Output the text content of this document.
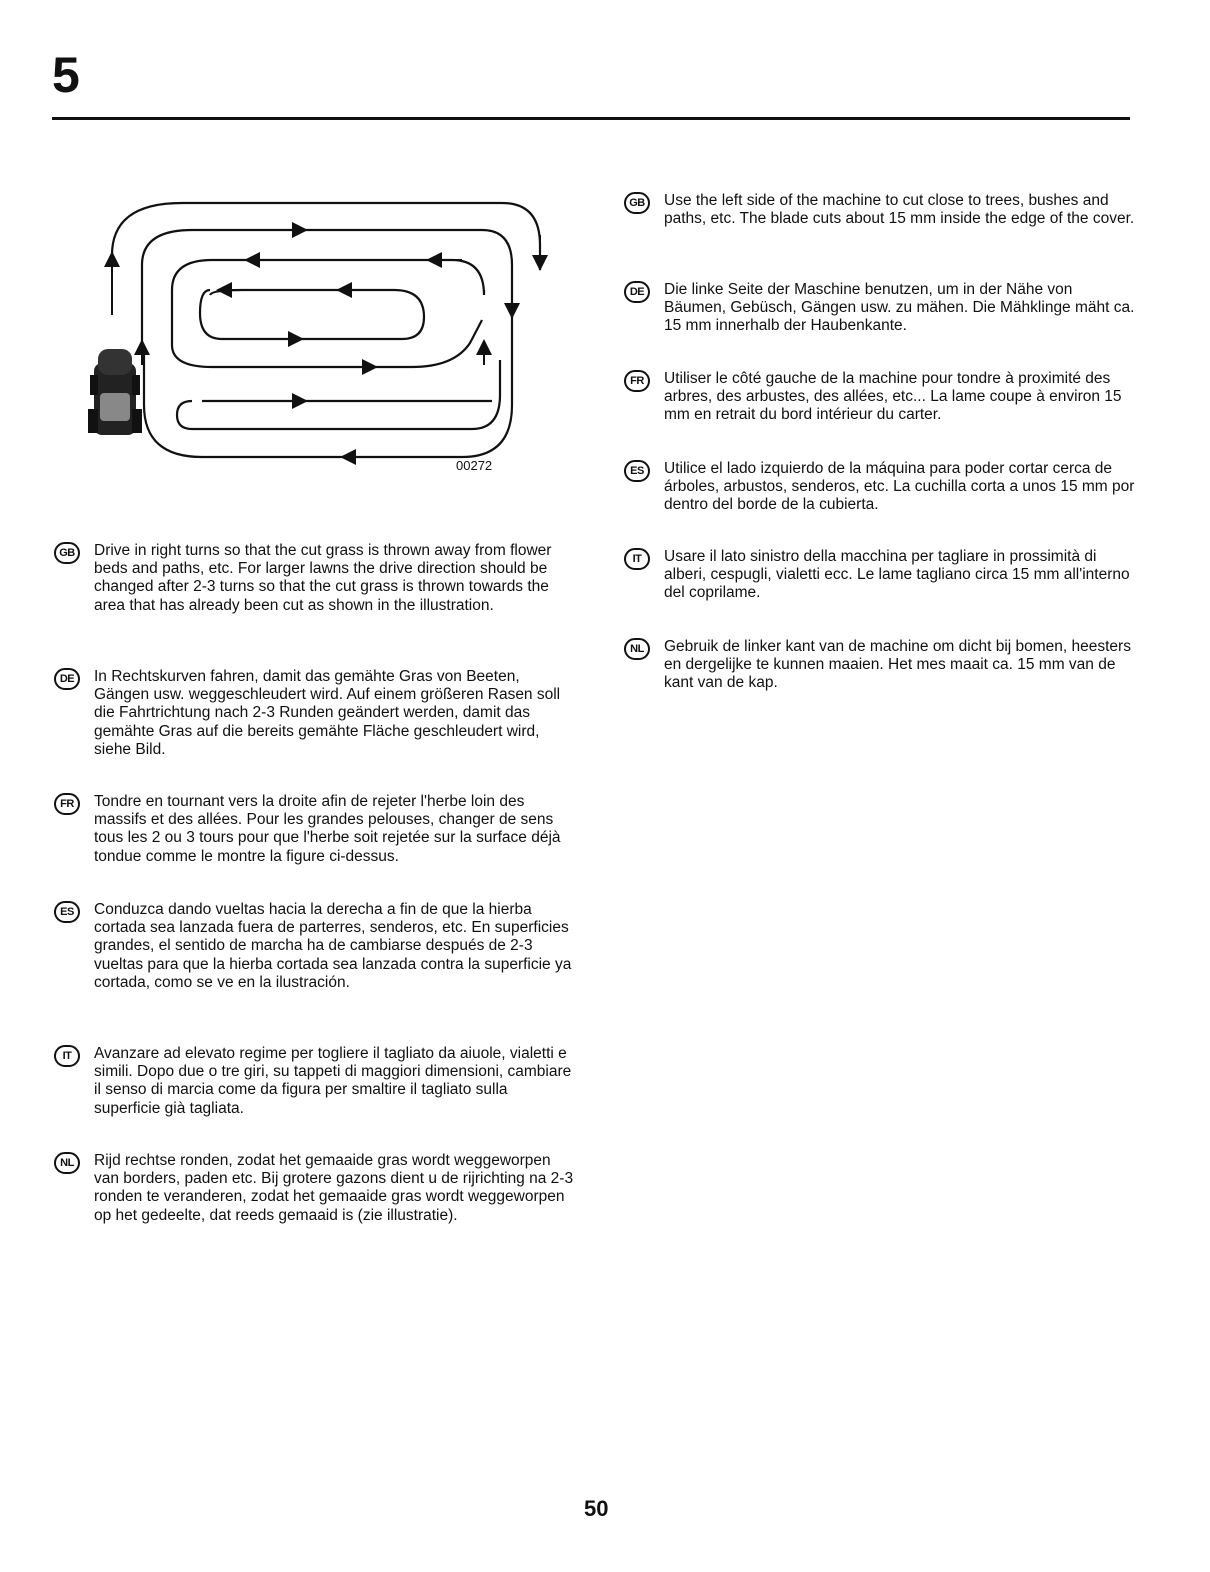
5
00272
GB	Drive in right turns so that the cut grass is thrown away from flower beds and paths, etc. For larger lawns the drive direction should be changed after 2-3 turns so that the cut grass is thrown towards the area that has already been cut as shown in the illustration.

DE	In Rechtskurven fahren, damit das gemähte Gras von Beeten, Gängen usw. weggeschleudert wird. Auf einem größeren Rasen soll die Fahrtrichtung nach 2-3 Runden geändert werden, damit das gemähte Gras auf die bereits gemähte Fläche geschleudert wird, siehe Bild.

FR	Tondre en tournant vers la droite afin de rejeter l'herbe loin des massifs et des allées. Pour les grandes pelouses, changer de sens tous les 2 ou 3 tours pour que l'herbe soit rejetée sur la surface déjà tondue comme le montre la figure ci-dessus.

ES	Conduzca dando vueltas hacia la derecha a fin de que la hierba cortada sea lanzada fuera de parterres, senderos, etc. En superficies grandes, el sentido de marcha ha de cambiarse después de 2-3 vueltas para que la hierba cortada sea lanzada contra la superficie ya cortada, como se ve en la ilustración.

IT	Avanzare ad elevato regime per togliere il tagliato da aiuole, vialetti e simili. Dopo due o tre giri, su tappeti di maggiori dimensioni, cambiare il senso di marcia come da figura per smaltire il tagliato sulla superficie già tagliata.

NL	Rijd rechtse ronden, zodat het gemaaide gras wordt weggeworpen van borders, paden etc. Bij grotere gazons dient u de rijrichting na 2-3 ronden te veranderen, zodat het gemaaide gras wordt weggeworpen op het gedeelte, dat reeds gemaaid is (zie illustratie).

GB	Use the left side of the machine to cut close to trees, bushes and paths, etc. The blade cuts about 15 mm inside the edge of the cover.

DE	Die linke Seite der Maschine benutzen, um in der Nähe von Bäumen, Gebüsch, Gängen usw. zu mähen. Die Mähklinge mäht ca. 15 mm innerhalb der Haubenkante.

FR	Utiliser le côté gauche de la machine pour tondre à proximité des arbres, des arbustes, des allées, etc... La lame coupe à environ 15 mm en retrait du bord intérieur du carter.

ES	Utilice el lado izquierdo de la máquina para poder cortar cerca de árboles, arbustos, senderos, etc. La cuchilla corta a unos 15 mm por dentro del borde de la cubierta.

IT	Usare il lato sinistro della macchina per tagliare in prossimità di alberi, cespugli, vialetti ecc. Le lame tagliano circa 15 mm all'interno del coprilame.

NL	Gebruik de linker kant van de machine om dicht bij bomen, heesters en dergelijke te kunnen maaien. Het mes maait ca. 15 mm van de kant van de kap.

50
